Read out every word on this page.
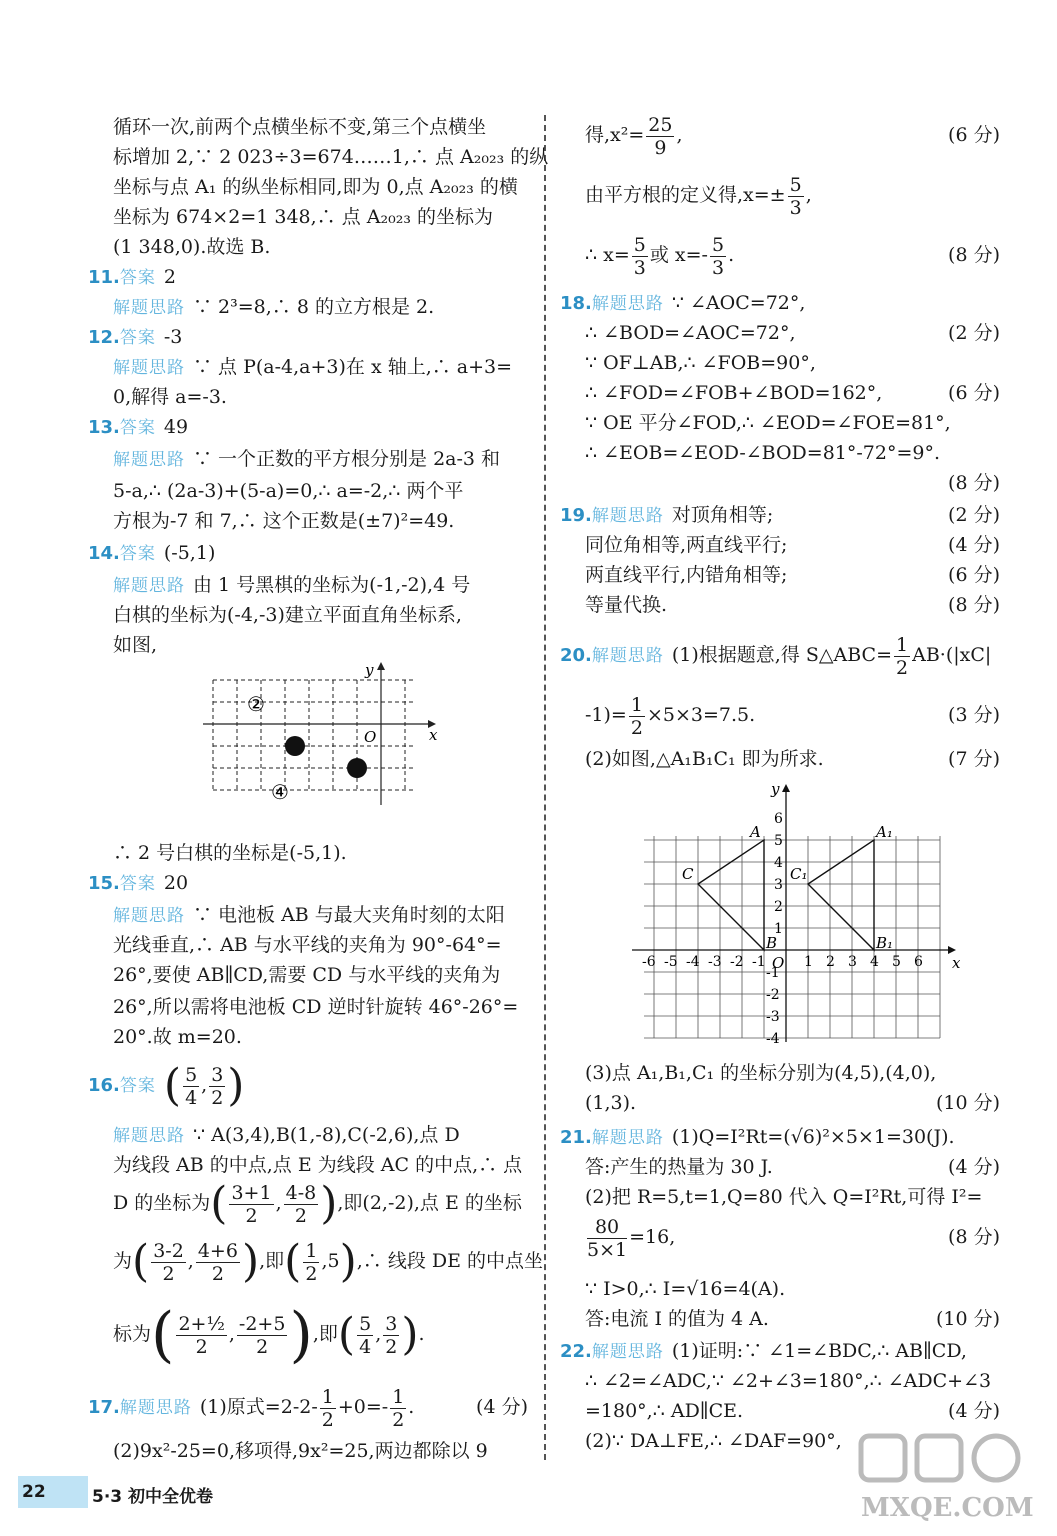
循环一次,前两个点横坐标不变,第三个点横坐
标增加 2,∵ 2 023÷3=674……1,∴ 点 A₂₀₂₃ 的纵
坐标与点 A₁ 的纵坐标相同,即为 0,点 A₂₀₂₃ 的横
坐标为 674×2=1 348,∴ 点 A₂₀₂₃ 的坐标为
(1 348,0).故选 B.
11.答案 2
解题思路 ∵ 2³=8,∴ 8 的立方根是 2.
12.答案 -3
解题思路 ∵ 点 P(a-4,a+3)在 x 轴上,∴ a+3=
0,解得 a=-3.
13.答案 49
解题思路 ∵ 一个正数的平方根分别是 2a-3 和
5-a,∴ (2a-3)+(5-a)=0,∴ a=-2,∴ 两个平
方根为-7 和 7,∴ 这个正数是(±7)²=49.
14.答案 (-5,1)
解题思路 由 1 号黑棋的坐标为(-1,-2),4 号
白棋的坐标为(-4,-3)建立平面直角坐标系,
如图,
x
y
O
②
④
∴ 2 号白棋的坐标是(-5,1).
15.答案 20
解题思路 ∵ 电池板 AB 与最大夹角时刻的太阳
光线垂直,∴ AB 与水平线的夹角为 90°-64°=
26°,要使 AB∥CD,需要 CD 与水平线的夹角为
26°,所以需将电池板 CD 逆时针旋转 46°-26°=
20°.故 m=20.
16.答案 ( $\frac{5}{4}$ , $\frac{3}{2}$ )
解题思路 ∵ A(3,4),B(1,-8),C(-2,6),点 D
为线段 AB 的中点,点 E 为线段 AC 的中点,∴ 点
D 的坐标为( $\frac{3+1}{2}$ , $\frac{4-8}{2}$ ),即(2,-2),点 E 的坐标
为( $\frac{3-2}{2}$ , $\frac{4+6}{2}$ ),即( $\frac{1}{2}$ ,5),∴ 线段 DE 的中点坐
标为( $\frac{\text{2+½}}{2}$ , $\frac{-2+5}{2}$ ),即( $\frac{5}{4}$ , $\frac{3}{2}$ ).
17.解题思路 (1)原式$=2-2- \frac{1}{2} +0=- \frac{1}{2}$ .	(4 分)
(2)9x²-25=0,移项得,9x²=25,两边都除以 9
得$,x^2= \frac{25}{9}$ ,	(6 分)
由平方根的定义得$,x=\pm \frac{5}{3}$ ,
∴ $x= \frac{5}{3}$ 或 $x=- \frac{5}{3}$ .	(8 分)
18.解题思路 ∵ ∠AOC=72°,
∴ ∠BOD=∠AOC=72°,	(2 分)
∵ OF⊥AB,∴ ∠FOB=90°,
∴ ∠FOD=∠FOB+∠BOD=162°,	(6 分)
∵ OE 平分∠FOD,∴ ∠EOD=∠FOE=81°,
∴ ∠EOB=∠EOD-∠BOD=81°-72°=9°.
(8 分)
19.解题思路 对顶角相等;	(2 分)
同位角相等,两直线平行;	(4 分)
两直线平行,内错角相等;	(6 分)
等量代换.	(8 分)
20.解题思路 (1)根据题意,得 S△ABC= $\frac{1}{2} AB\cdot(|xC|$
$-1)= \frac{1}{2} \times 5\times 3=7.5$.	(3 分)
(2)如图,△A₁B₁C₁ 即为所求.	(7 分)
x
y
O
-6 -5 -4 -3 -2 -1	1 2 3 4 5 6
6
5
4
3
2
1
-1
-2
-3
-4
A
B
C
A₁
B₁
C₁
(3)点 A₁,B₁,C₁ 的坐标分别为(4,5),(4,0),
(1,3).	(10 分)
21.解题思路 (1)Q=I²Rt=(√6)²×5×1=30(J).
答:产生的热量为 30 J.	(4 分)
(2)把 R=5,t=1,Q=80 代入 Q=I²Rt,可得 I²=
$\frac{80}{5\times 1} =16$,	(8 分)
∵ I>0,∴ I=√16=4(A).
答:电流 I 的值为 4 A.	(10 分)
22.解题思路 (1)证明:∵ ∠1=∠BDC,∴ AB∥CD,
∴ ∠2=∠ADC,∵ ∠2+∠3=180°,∴ ∠ADC+∠3
=180°,∴ AD∥CE.	(4 分)
(2)∵ DA⊥FE,∴ ∠DAF=90°,
22	5·3 初中全优卷	MXQE.COM
